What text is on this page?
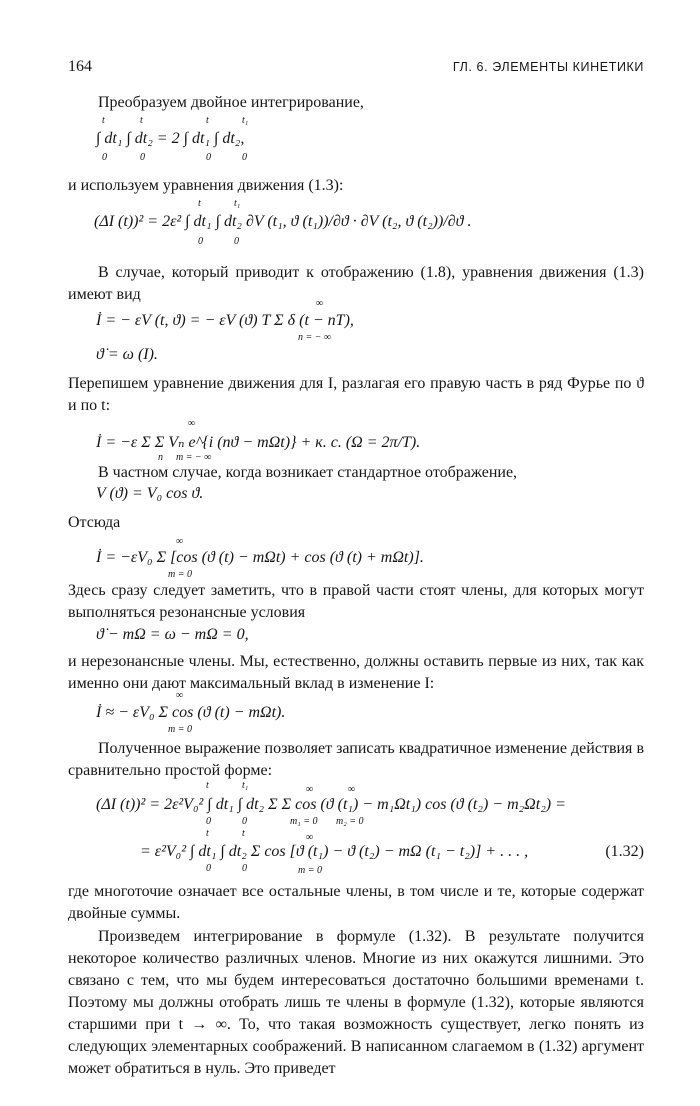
164	ГЛ. 6. ЭЛЕМЕНТЫ КИНЕТИКИ

Преобразуем двойное интегрирование,

t	t	t	t₁
∫ dt₁ ∫ dt₂ = 2 ∫ dt₁ ∫ dt₂,
0	0	0	0

и используем уравнения движения (1.3):

t	t₁
(ΔI (t))² = 2ε² ∫ dt₁ ∫ dt₂ ∂V (t₁, ϑ (t₁))/∂ϑ · ∂V (t₂, ϑ (t₂))/∂ϑ .
0	0

В случае, который приводит к отображению (1.8), уравнения движения (1.3) имеют вид

∞
İ = − εV (t, ϑ) = − εV (ϑ) T Σ δ (t − nT),
n = − ∞
ϑ̇ = ω (I).

Перепишем уравнение движения для I, разлагая его правую часть в ряд Фурье по ϑ и по t:

∞
İ = −ε Σ Σ Vₙ e^{i (nϑ − mΩt)} + к. с. (Ω = 2π/T).
n m = − ∞

В частном случае, когда возникает стандартное отображение,

V (ϑ) = V₀ cos ϑ.

Отсюда

∞
İ = −εV₀ Σ [cos (ϑ (t) − mΩt) + cos (ϑ (t) + mΩt)].
m = 0

Здесь сразу следует заметить, что в правой части стоят члены, для которых могут выполняться резонансные условия

ϑ̇ − mΩ = ω − mΩ = 0,

и нерезонансные члены. Мы, естественно, должны оставить первые из них, так как именно они дают максимальный вклад в изменение I:

∞
İ ≈ − εV₀ Σ cos (ϑ (t) − mΩt).
m = 0

Полученное выражение позволяет записать квадратичное изменение действия в сравнительно простой форме:

t	t₁	∞	∞
(ΔI (t))² = 2ε²V₀² ∫ dt₁ ∫ dt₂ Σ Σ cos (ϑ (t₁) − m₁Ωt₁) cos (ϑ (t₂) − m₂Ωt₂) =
0	0	m₁ = 0 m₂ = 0
t	t	∞
= ε²V₀² ∫ dt₁ ∫ dt₂ Σ cos [ϑ (t₁) − ϑ (t₂) − mΩ (t₁ − t₂)] + . . . ,	(1.32)
0	0	m = 0

где многоточие означает все остальные члены, в том числе и те, которые содержат двойные суммы.

Произведем интегрирование в формуле (1.32). В результате получится некоторое количество различных членов. Многие из них окажутся лишними. Это связано с тем, что мы будем интересоваться достаточно большими временами t. Поэтому мы должны отобрать лишь те члены в формуле (1.32), которые являются старшими при t → ∞. То, что такая возможность существует, легко понять из следующих элементарных соображений. В написанном слагаемом в (1.32) аргумент может обратиться в нуль. Это приведет
